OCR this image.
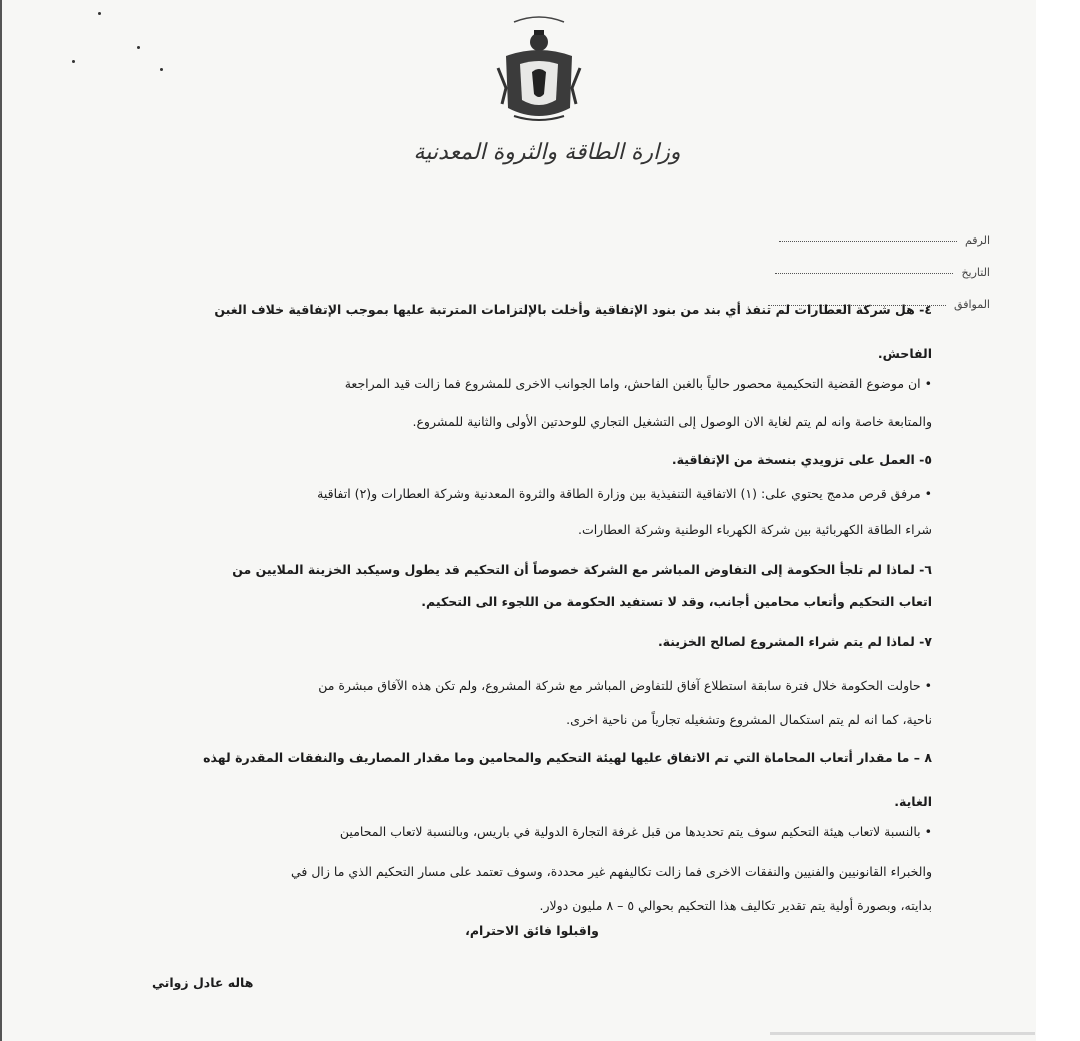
وزارة الطاقة والثروة المعدنية
الرقم
التاريخ
الموافق
٤- هل شركة العطارات لم تنفذ أي بند من بنود الإتفاقية وأخلت بالإلتزامات المترتبة عليها بموجب الإتفاقية خلاف الغبن
الفاحش.
• ان موضوع القضية التحكيمية محصور حالياً بالغبن الفاحش، واما الجوانب الاخرى للمشروع فما زالت قيد المراجعة
والمتابعة خاصة وانه لم يتم لغاية الان الوصول إلى التشغيل التجاري للوحدتين الأولى والثانية للمشروع.
٥- العمل على تزويدي بنسخة من الإتفاقية.
• مرفق قرص مدمج يحتوي على: (١) الاتفاقية التنفيذية بين وزارة الطاقة والثروة المعدنية وشركة العطارات و(٢) اتفاقية
شراء الطاقة الكهربائية بين شركة الكهرباء الوطنية وشركة العطارات.
٦- لماذا لم تلجأ الحكومة إلى التفاوض المباشر مع الشركة خصوصاً أن التحكيم قد يطول وسيكبد الخزينة الملايين من
اتعاب التحكيم وأتعاب محامين أجانب، وقد لا تستفيد الحكومة من اللجوء الى التحكيم.
٧- لماذا لم يتم شراء المشروع لصالح الخزينة.
• حاولت الحكومة خلال فترة سابقة استطلاع آفاق للتفاوض المباشر مع شركة المشروع، ولم تكن هذه الآفاق مبشرة من
ناحية، كما انه لم يتم استكمال المشروع وتشغيله تجارياً من ناحية اخرى.
٨ – ما مقدار أتعاب المحاماة التي تم الاتفاق عليها لهيئة التحكيم والمحامين وما مقدار المصاريف والنفقات المقدرة لهذه
الغاية.
• بالنسبة لاتعاب هيئة التحكيم سوف يتم تحديدها من قبل غرفة التجارة الدولية في باريس، وبالنسبة لاتعاب المحامين
والخبراء القانونيين والفنيين والنفقات الاخرى فما زالت تكاليفهم غير محددة، وسوف تعتمد على مسار التحكيم الذي ما زال في
بدايته، وبصورة أولية يتم تقدير تكاليف هذا التحكيم بحوالي ٥ – ٨ مليون دولار.
واقبلوا فائق الاحترام،
هاله عادل زواتي
